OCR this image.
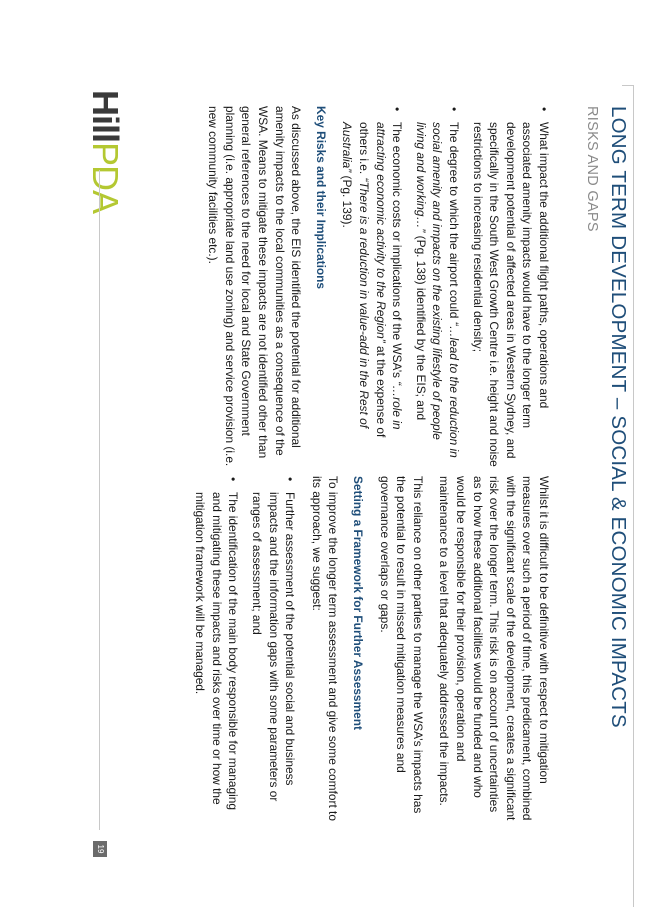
LONG TERM DEVELOPMENT – SOCIAL & ECONOMIC IMPACTS
RISKS AND GAPS
•
What impact the additional flight paths, operations and associated amenity impacts would have to the longer term development potential of affected areas in Western Sydney, and specifically in the South West Growth Centre i.e. height and noise restrictions to increasing residential density;
•
The degree to which the airport could “…lead to the reduction in social amenity and impacts on the existing lifestyle of people living and working…” (Pg. 138) identified by the EIS; and
•
The economic costs or implications of the WSA’s “…role in attracting economic activity to the Region” at the expense of others i.e. “There is a reduction in value-add in the Rest of Australia” (Pg. 139).
Key Risks and their Implications

As discussed above, the EIS identified the potential for additional amenity impacts to the local communities as a consequence of the WSA. Means to mitigate these impacts are not identified other than general references to the need for local and State Government planning (i.e. appropriate land use zoning) and service provision (i.e. new community facilities etc.).

Whilst it is difficult to be definitive with respect to mitigation measures over such a period of time, this predicament, combined with the significant scale of the development, creates a significant risk over the longer term. This risk is on account of uncertainties as to how these additional facilities would be funded and who would be responsible for their provision, operation and maintenance to a level that adequately addressed the impacts.

This reliance on other parties to manage the WSA’s impacts has the potential to result in missed mitigation measures and governance overlaps or gaps.

Setting a Framework for Further Assessment

To improve the longer term assessment and give some comfort to its approach, we suggest:

•
Further assessment of the potential social and business impacts and the information gaps with some parameters or ranges of assessment; and
•
The identification of the main body responsible for managing and mitigating these impacts and risks over time or how the mitigation framework will be managed.
HillPDA
19
